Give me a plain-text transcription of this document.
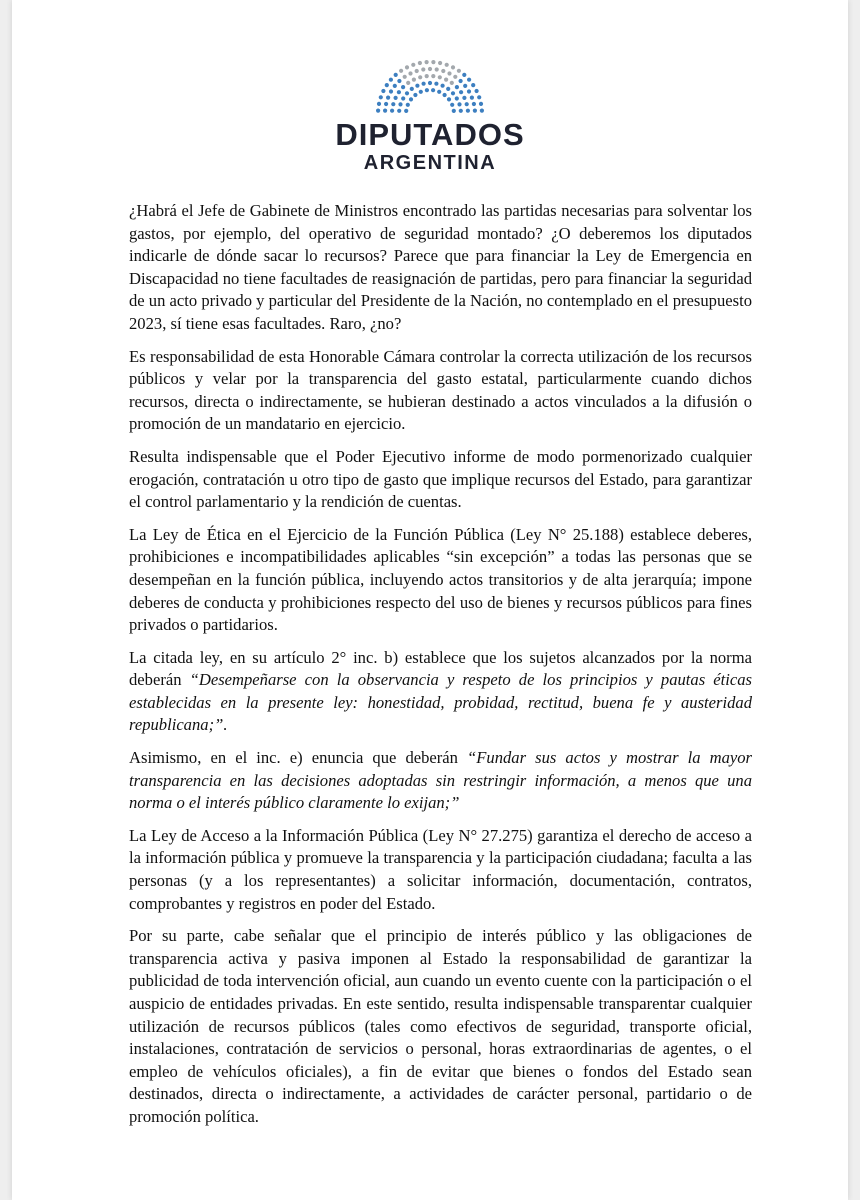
DIPUTADOS
ARGENTINA

¿Habrá el Jefe de Gabinete de Ministros encontrado las partidas necesarias para solventar los gastos, por ejemplo, del operativo de seguridad montado? ¿O deberemos los diputados indicarle de dónde sacar lo recursos? Parece que para financiar la Ley de Emergencia en Discapacidad no tiene facultades de reasignación de partidas, pero para financiar la seguridad de un acto privado y particular del Presidente de la Nación, no contemplado en el presupuesto 2023, sí tiene esas facultades. Raro, ¿no?

Es responsabilidad de esta Honorable Cámara controlar la correcta utilización de los recursos públicos y velar por la transparencia del gasto estatal, particularmente cuando dichos recursos, directa o indirectamente, se hubieran destinado a actos vinculados a la difusión o promoción de un mandatario en ejercicio.

Resulta indispensable que el Poder Ejecutivo informe de modo pormenorizado cualquier erogación, contratación u otro tipo de gasto que implique recursos del Estado, para garantizar el control parlamentario y la rendición de cuentas.

La Ley de Ética en el Ejercicio de la Función Pública (Ley N° 25.188) establece deberes, prohibiciones e incompatibilidades aplicables “sin excepción” a todas las personas que se desempeñan en la función pública, incluyendo actos transitorios y de alta jerarquía; impone deberes de conducta y prohibiciones respecto del uso de bienes y recursos públicos para fines privados o partidarios.

La citada ley, en su artículo 2° inc. b) establece que los sujetos alcanzados por la norma deberán “Desempeñarse con la observancia y respeto de los principios y pautas éticas establecidas en la presente ley: honestidad, probidad, rectitud, buena fe y austeridad republicana;”.

Asimismo, en el inc. e) enuncia que deberán “Fundar sus actos y mostrar la mayor transparencia en las decisiones adoptadas sin restringir información, a menos que una norma o el interés público claramente lo exijan;”

La Ley de Acceso a la Información Pública (Ley N° 27.275) garantiza el derecho de acceso a la información pública y promueve la transparencia y la participación ciudadana; faculta a las personas (y a los representantes) a solicitar información, documentación, contratos, comprobantes y registros en poder del Estado.

Por su parte, cabe señalar que el principio de interés público y las obligaciones de transparencia activa y pasiva imponen al Estado la responsabilidad de garantizar la publicidad de toda intervención oficial, aun cuando un evento cuente con la participación o el auspicio de entidades privadas. En este sentido, resulta indispensable transparentar cualquier utilización de recursos públicos (tales como efectivos de seguridad, transporte oficial, instalaciones, contratación de servicios o personal, horas extraordinarias de agentes, o el empleo de vehículos oficiales), a fin de evitar que bienes o fondos del Estado sean destinados, directa o indirectamente, a actividades de carácter personal, partidario o de promoción política.
